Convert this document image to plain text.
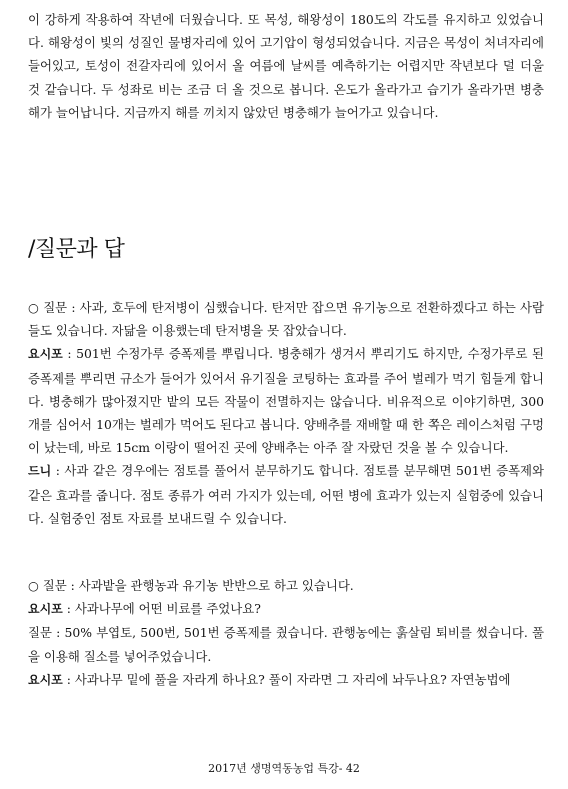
이 강하게 작용하여 작년에 더웠습니다. 또 목성, 해왕성이 180도의 각도를 유지하고 있었습니다. 해왕성이 빛의 성질인 물병자리에 있어 고기압이 형성되었습니다. 지금은 목성이 처녀자리에 들어있고, 토성이 전갈자리에 있어서 올 여름에 날씨를 예측하기는 어렵지만 작년보다 덜 더울 것 같습니다. 두 성좌로 비는 조금 더 올 것으로 봅니다. 온도가 올라가고 습기가 올라가면 병충해가 늘어납니다. 지금까지 해를 끼치지 않았던 병충해가 늘어가고 있습니다.

/질문과 답
○ 질문 : 사과, 호두에 탄저병이 심했습니다. 탄저만 잡으면 유기농으로 전환하겠다고 하는 사람들도 있습니다. 자닮을 이용했는데 탄저병을 못 잡았습니다.
요시포 : 501번 수정가루 증폭제를 뿌립니다. 병충해가 생겨서 뿌리기도 하지만, 수정가루로 된 증폭제를 뿌리면 규소가 들어가 있어서 유기질을 코팅하는 효과를 주어 벌레가 먹기 힘들게 합니다. 병충해가 많아졌지만 밭의 모든 작물이 전멸하지는 않습니다. 비유적으로 이야기하면, 300개를 심어서 10개는 벌레가 먹어도 된다고 봅니다. 양배추를 재배할 때 한 쪽은 레이스처럼 구멍이 났는데, 바로 15cm 이랑이 떨어진 곳에 양배추는 아주 잘 자랐던 것을 볼 수 있습니다.
드니 : 사과 같은 경우에는 점토를 풀어서 분무하기도 합니다. 점토를 분무해면 501번 증폭제와 같은 효과를 줍니다. 점토 종류가 여러 가지가 있는데, 어떤 병에 효과가 있는지 실험중에 있습니다. 실험중인 점토 자료를 보내드릴 수 있습니다.
○ 질문 : 사과밭을 관행농과 유기농 반반으로 하고 있습니다.
요시포 : 사과나무에 어떤 비료를 주었나요?
질문 : 50% 부엽토, 500번, 501번 증폭제를 줬습니다. 관행농에는 훍살림 퇴비를 썼습니다. 풀을 이용해 질소를 넣어주었습니다.
요시포 : 사과나무 밑에 풀을 자라게 하나요? 풀이 자라면 그 자리에 놔두나요? 자연농법에
2017년 생명역동농업 특강- 42
